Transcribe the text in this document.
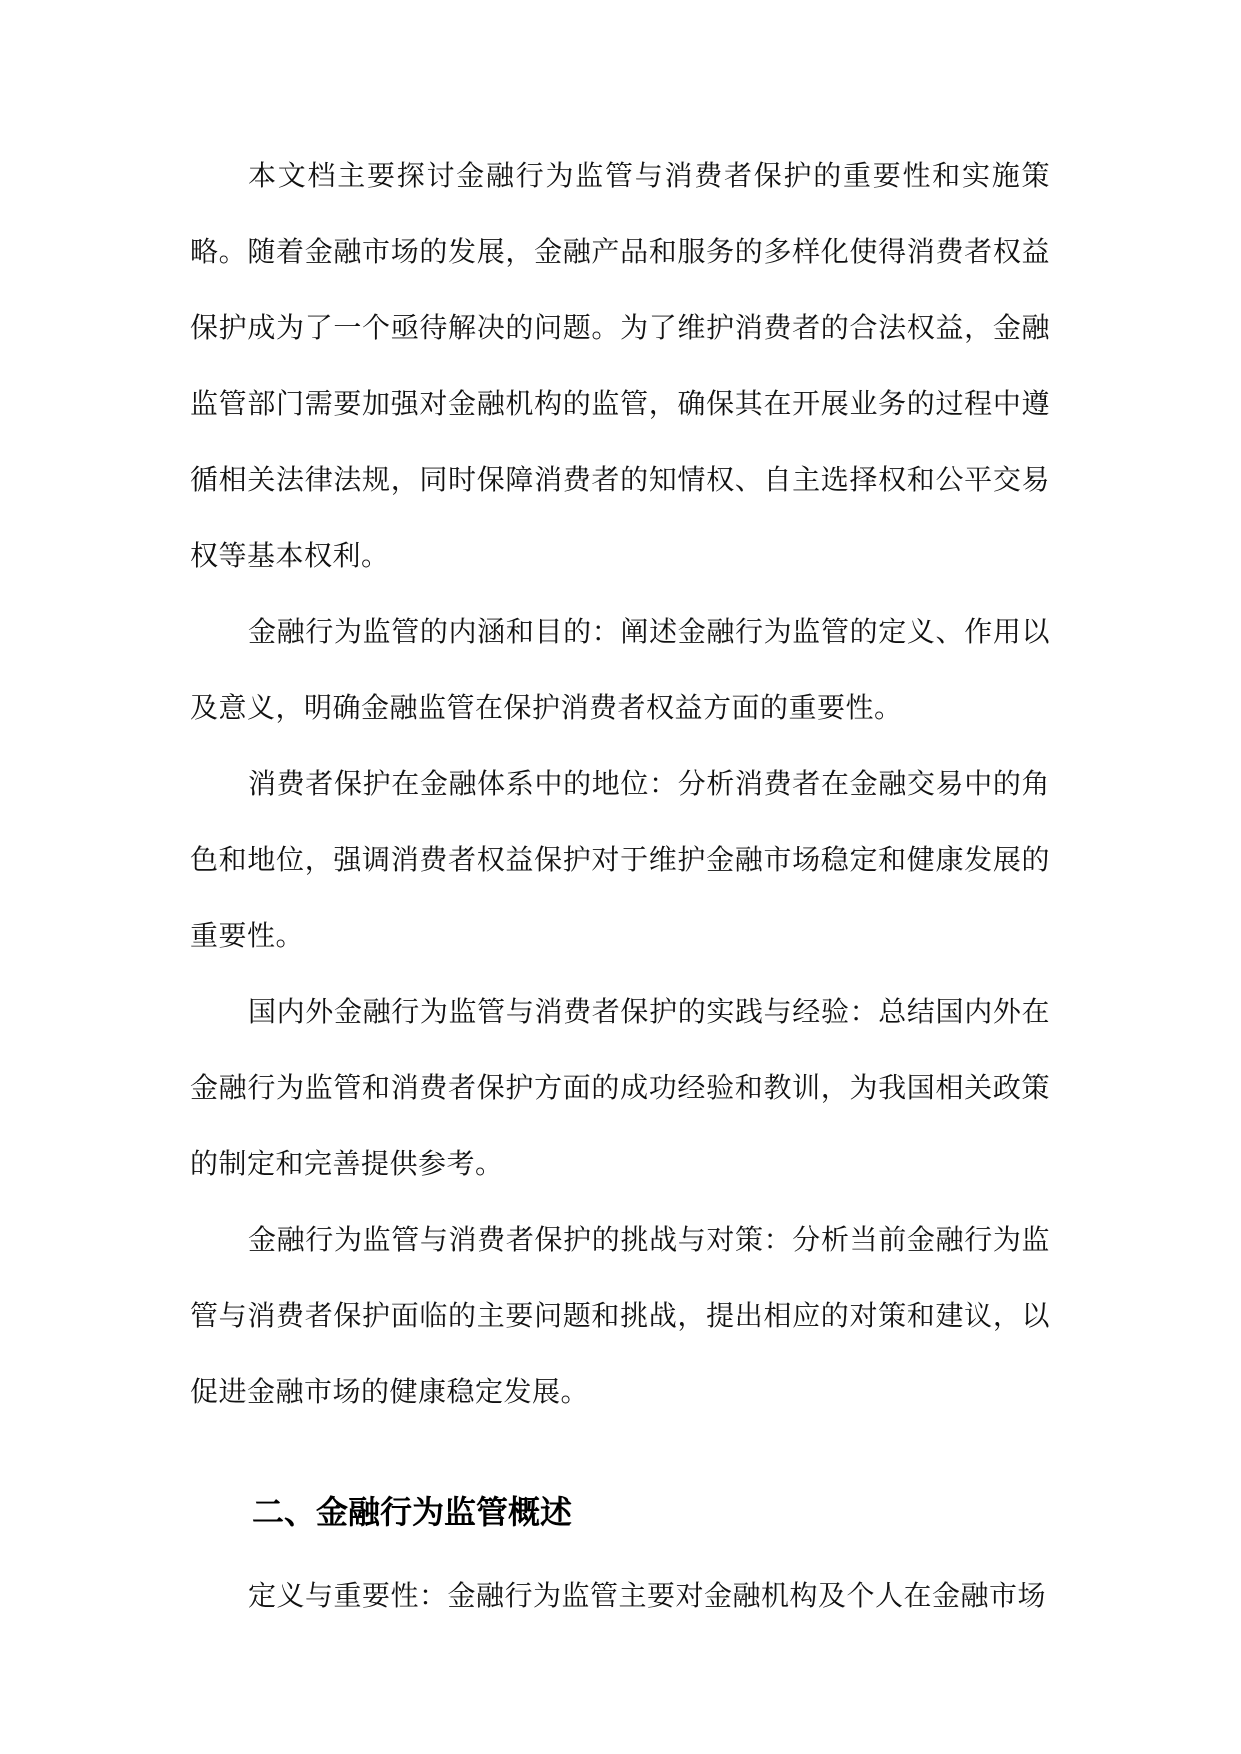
本文档主要探讨金融行为监管与消费者保护的重要性和实施策略。随着金融市场的发展，金融产品和服务的多样化使得消费者权益保护成为了一个亟待解决的问题。为了维护消费者的合法权益，金融监管部门需要加强对金融机构的监管，确保其在开展业务的过程中遵循相关法律法规，同时保障消费者的知情权、自主选择权和公平交易权等基本权利。

金融行为监管的内涵和目的：阐述金融行为监管的定义、作用以及意义，明确金融监管在保护消费者权益方面的重要性。

消费者保护在金融体系中的地位：分析消费者在金融交易中的角色和地位，强调消费者权益保护对于维护金融市场稳定和健康发展的重要性。

国内外金融行为监管与消费者保护的实践与经验：总结国内外在金融行为监管和消费者保护方面的成功经验和教训，为我国相关政策的制定和完善提供参考。

金融行为监管与消费者保护的挑战与对策：分析当前金融行为监管与消费者保护面临的主要问题和挑战，提出相应的对策和建议，以促进金融市场的健康稳定发展。

二、金融行为监管概述

定义与重要性：金融行为监管主要对金融机构及个人在金融市场
